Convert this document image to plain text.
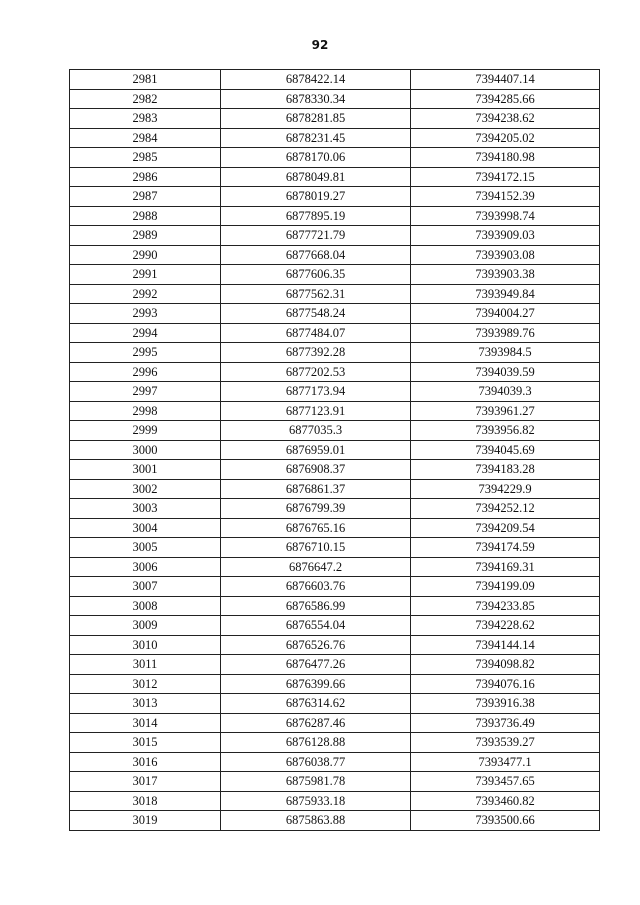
92
2981	6878422.14	7394407.14
2982	6878330.34	7394285.66
2983	6878281.85	7394238.62
2984	6878231.45	7394205.02
2985	6878170.06	7394180.98
2986	6878049.81	7394172.15
2987	6878019.27	7394152.39
2988	6877895.19	7393998.74
2989	6877721.79	7393909.03
2990	6877668.04	7393903.08
2991	6877606.35	7393903.38
2992	6877562.31	7393949.84
2993	6877548.24	7394004.27
2994	6877484.07	7393989.76
2995	6877392.28	7393984.5
2996	6877202.53	7394039.59
2997	6877173.94	7394039.3
2998	6877123.91	7393961.27
2999	6877035.3	7393956.82
3000	6876959.01	7394045.69
3001	6876908.37	7394183.28
3002	6876861.37	7394229.9
3003	6876799.39	7394252.12
3004	6876765.16	7394209.54
3005	6876710.15	7394174.59
3006	6876647.2	7394169.31
3007	6876603.76	7394199.09
3008	6876586.99	7394233.85
3009	6876554.04	7394228.62
3010	6876526.76	7394144.14
3011	6876477.26	7394098.82
3012	6876399.66	7394076.16
3013	6876314.62	7393916.38
3014	6876287.46	7393736.49
3015	6876128.88	7393539.27
3016	6876038.77	7393477.1
3017	6875981.78	7393457.65
3018	6875933.18	7393460.82
3019	6875863.88	7393500.66
